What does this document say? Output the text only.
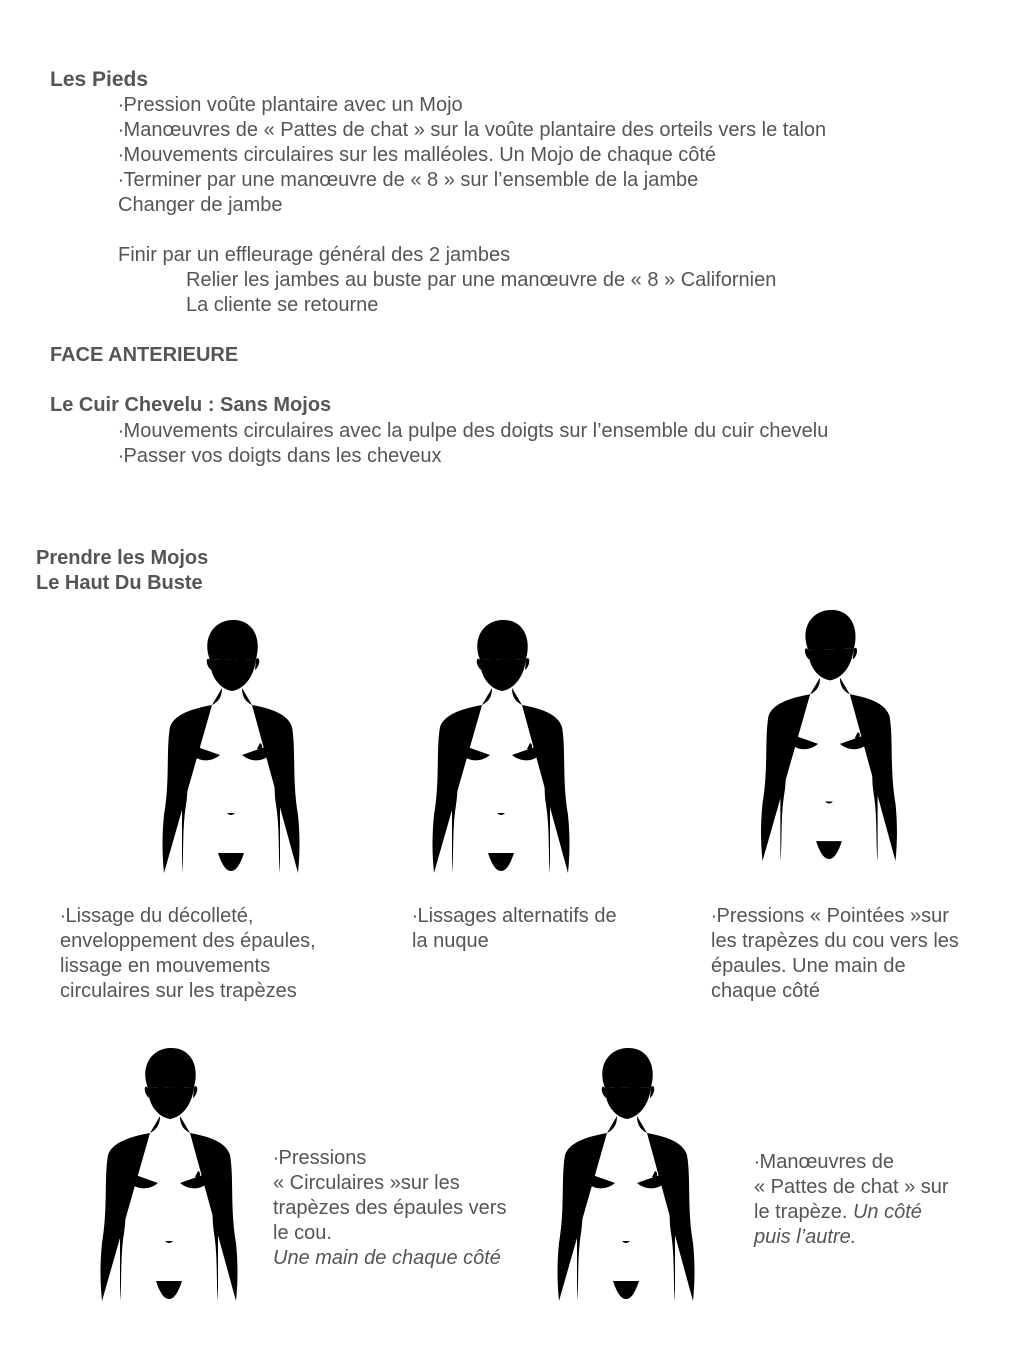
Les Pieds
∙Pression voûte plantaire avec un Mojo
∙Manœuvres de « Pattes de chat » sur la voûte plantaire des orteils vers le talon
∙Mouvements circulaires sur les malléoles. Un Mojo de chaque côté
∙Terminer par une manœuvre de « 8 » sur l’ensemble de la jambe
Changer de jambe
Finir par un effleurage général des 2 jambes
Relier les jambes au buste par une manœuvre de « 8 » Californien
La cliente se retourne
FACE ANTERIEURE
Le Cuir Chevelu : Sans Mojos
∙Mouvements circulaires avec la pulpe des doigts sur l’ensemble du cuir chevelu
∙Passer vos doigts dans les cheveux
Prendre les Mojos
Le Haut Du Buste
∙Lissage du décolleté,
enveloppement des épaules,
lissage en mouvements
circulaires sur les trapèzes
∙Lissages alternatifs de
la nuque
∙Pressions « Pointées »sur
les trapèzes du cou vers les
épaules. Une main de
chaque côté
∙Pressions
« Circulaires »sur les
trapèzes des épaules vers
le cou.
Une main de chaque côté
∙Manœuvres de
« Pattes de chat » sur
le trapèze. Un côté
puis l’autre.
